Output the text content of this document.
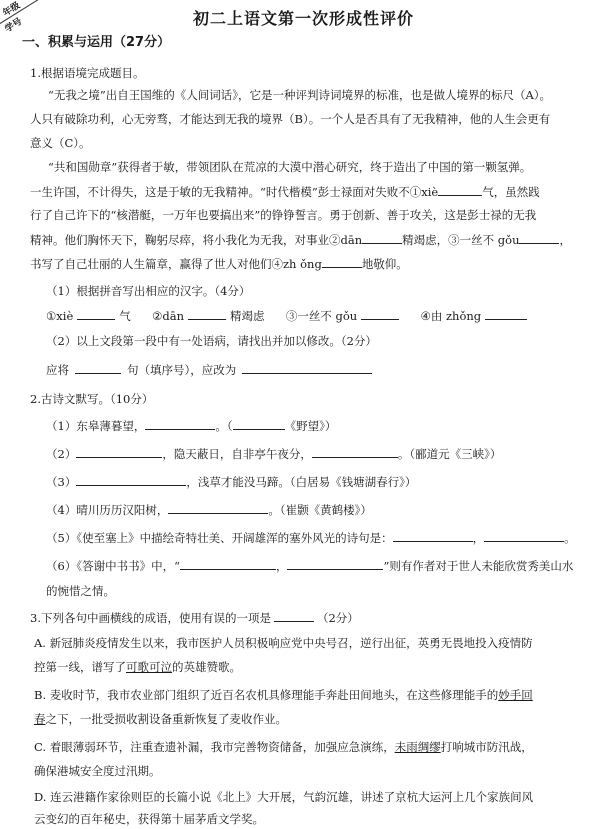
年级
学号	初二上语文第一次形成性评价
一、积累与运用（27分）
1.根据语境完成题目。
“无我之境”出自王国维的《人间词话》，它是一种评判诗词境界的标准，也是做人境界的标尺（A）。
人只有破除功利，心无旁骛，才能达到无我的境界（B）。一个人是否具有了无我精神，他的人生会更有
意义（C）。
“共和国勋章”获得者于敏，带领团队在荒凉的大漠中潜心研究，终于造出了中国的第一颗氢弹。
一生许国，不计得失，这是于敏的无我精神。“时代楷模”彭士禄面对失败不①xiè	气，虽然践
行了自己许下的“核潜艇，一万年也要搞出来”的铮铮誓言。勇于创新、善于攻关，这是彭士禄的无我
精神。他们胸怀天下，鞠躬尽瘁，将小我化为无我，对事业②dān	精竭虑，③一丝不 gǒu	，
书写了自己壮丽的人生篇章，赢得了世人对他们④zh ǒng	地敬仰。
（1）根据拼音写出相应的汉字。（4分）
①xiè	气 ②dān	精竭虑 ③一丝不 gǒu	④由 zhǒng
（2）以上文段第一段中有一处语病，请找出并加以修改。（2分）
应将	句（填序号），应改为
2.古诗文默写。（10分）
（1）东皋薄暮望，	。（	《野望》）
（2）	，隐天蔽日，自非亭午夜分，	。（郦道元《三峡》）
（3）	，浅草才能没马蹄。（白居易《钱塘湖春行》）
（4）晴川历历汉阳树，	。（崔颢《黄鹤楼》）
（5）《使至塞上》中描绘奇特壮美、开阔雄浑的塞外风光的诗句是：	，	。
（6）《答谢中书书》中，“	，	”则有作者对于世人未能欣赏秀美山水
的惋惜之情。
3.下列各句中画横线的成语，使用有误的一项是	（2分）
A. 新冠肺炎疫情发生以来，我市医护人员积极响应党中央号召，逆行出征，英勇无畏地投入疫情防
控第一线，谱写了可歌可泣的英雄赞歌。
B. 麦收时节，我市农业部门组织了近百名农机具修理能手奔赴田间地头，在这些修理能手的妙手回
春之下，一批受损收割设备重新恢复了麦收作业。
C. 着眼薄弱环节，注重查遗补漏，我市完善物资储备，加强应急演练，未雨绸缪打响城市防汛战，
确保港城安全度过汛期。
D. 连云港籍作家徐则臣的长篇小说《北上》大开展，气韵沉雄，讲述了京杭大运河上几个家族间风
云变幻的百年秘史，获得第十届茅盾文学奖。
